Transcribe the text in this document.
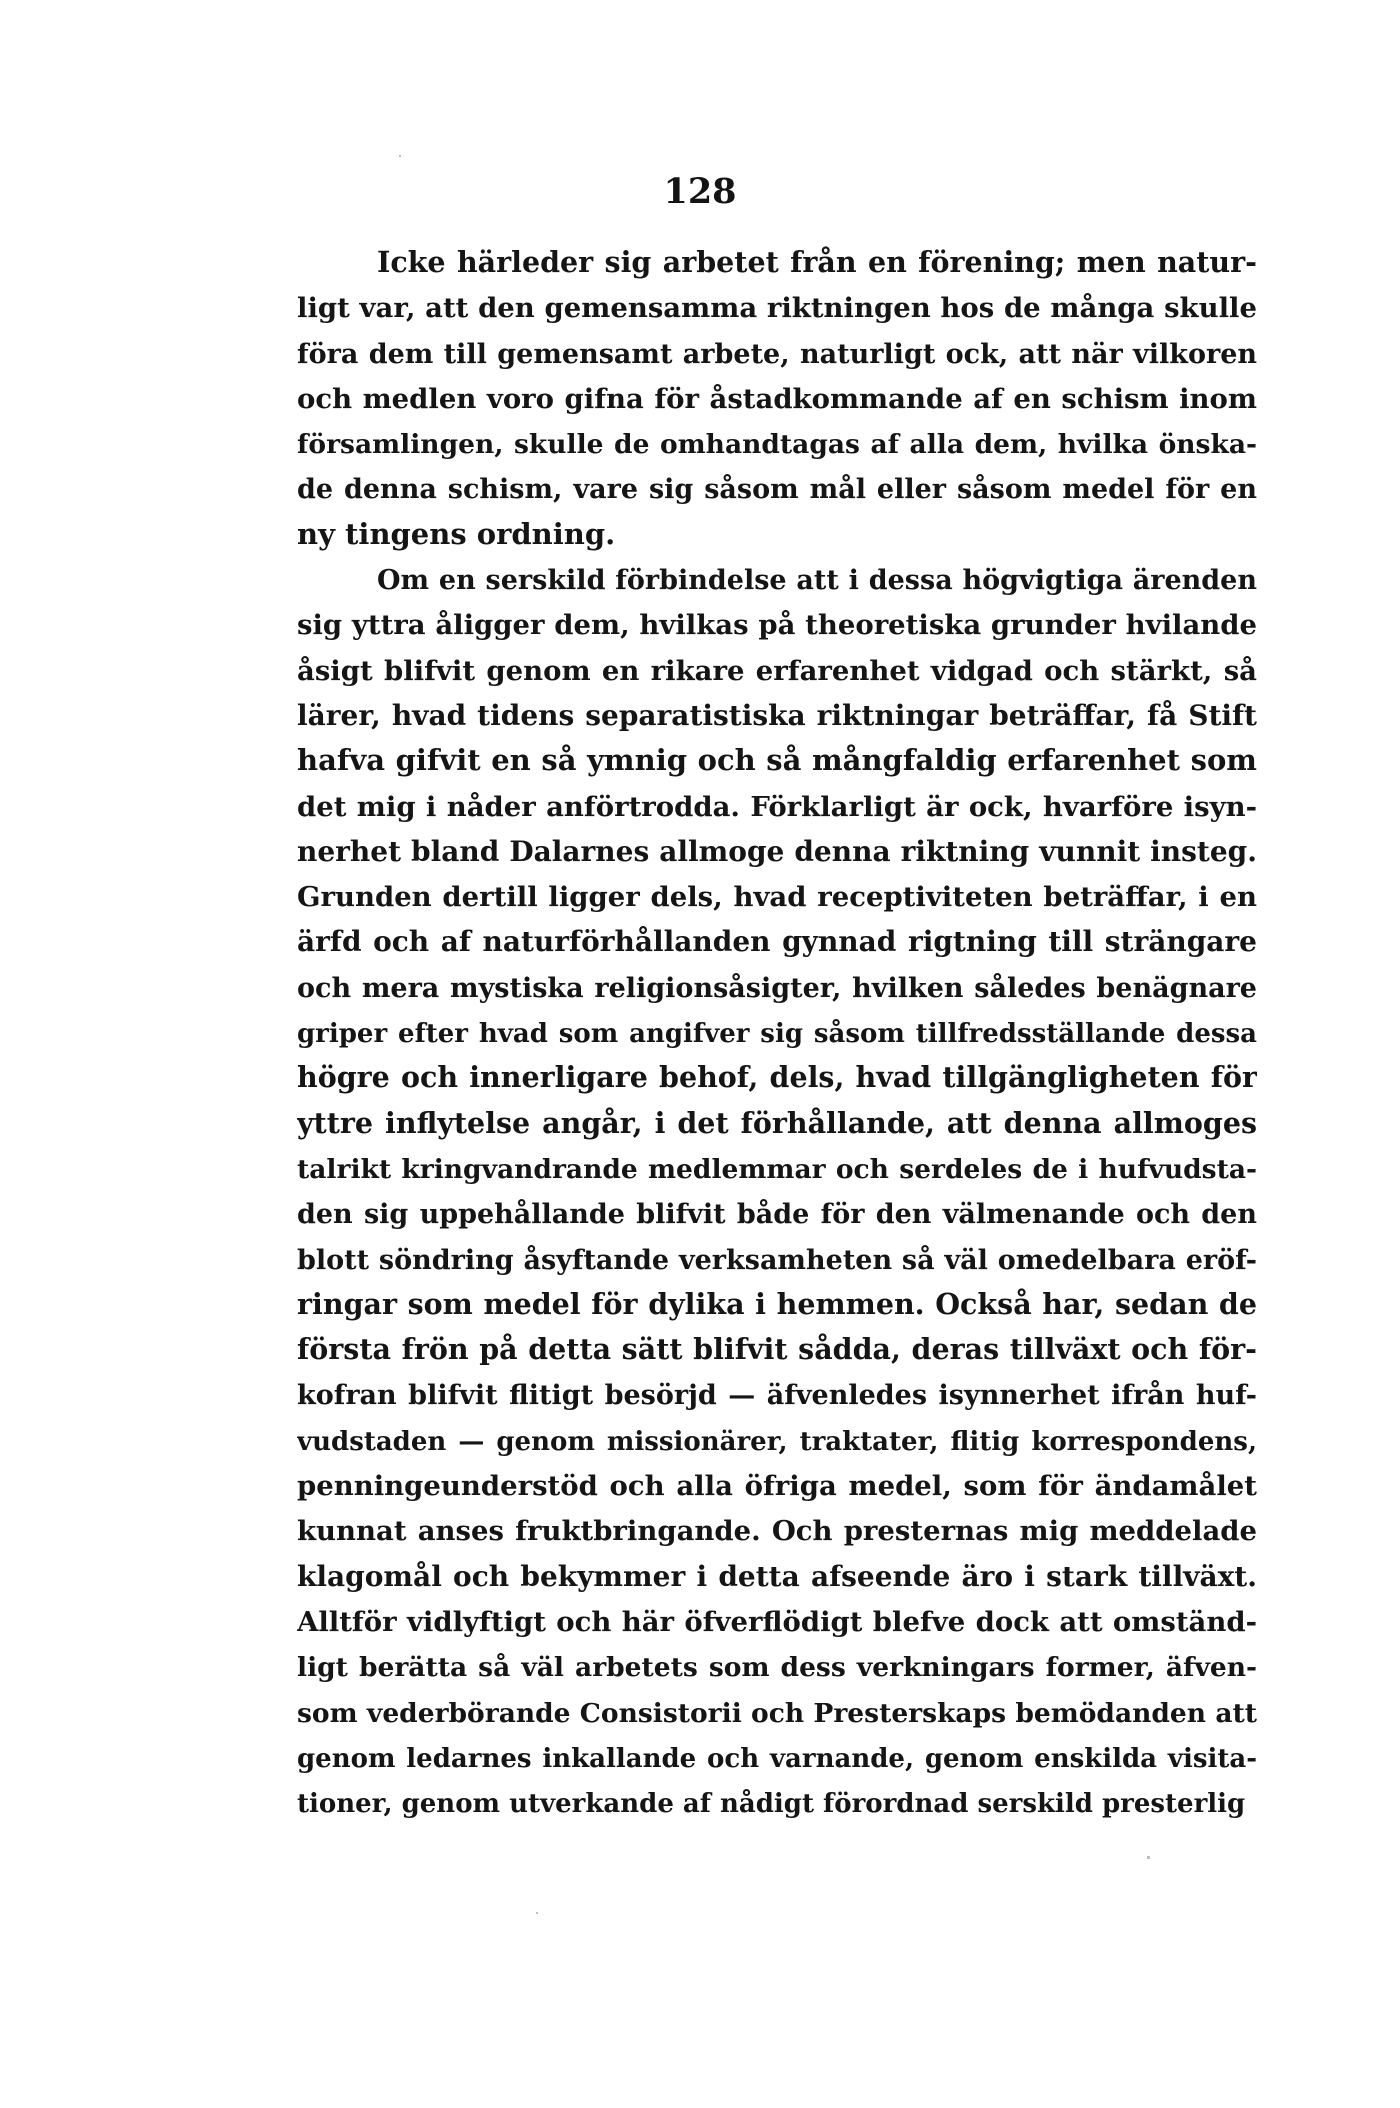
128
Icke härleder sig arbetet från en förening; men natur-
ligt var, att den gemensamma riktningen hos de många skulle
föra dem till gemensamt arbete, naturligt ock, att när vilkoren
och medlen voro gifna för åstadkommande af en schism inom
församlingen, skulle de omhandtagas af alla dem, hvilka önska-
de denna schism, vare sig såsom mål eller såsom medel för en
ny tingens ordning.
Om en serskild förbindelse att i dessa högvigtiga ärenden
sig yttra åligger dem, hvilkas på theoretiska grunder hvilande
åsigt blifvit genom en rikare erfarenhet vidgad och stärkt, så
lärer, hvad tidens separatistiska riktningar beträffar, få Stift
hafva gifvit en så ymnig och så mångfaldig erfarenhet som
det mig i nåder anförtrodda. Förklarligt är ock, hvarföre isyn-
nerhet bland Dalarnes allmoge denna riktning vunnit insteg.
Grunden dertill ligger dels, hvad receptiviteten beträffar, i en
ärfd och af naturförhållanden gynnad rigtning till strängare
och mera mystiska religionsåsigter, hvilken således benägnare
griper efter hvad som angifver sig såsom tillfredsställande dessa
högre och innerligare behof, dels, hvad tillgängligheten för
yttre inflytelse angår, i det förhållande, att denna allmoges
talrikt kringvandrande medlemmar och serdeles de i hufvudsta-
den sig uppehållande blifvit både för den välmenande och den
blott söndring åsyftande verksamheten så väl omedelbara eröf-
ringar som medel för dylika i hemmen. Också har, sedan de
första frön på detta sätt blifvit sådda, deras tillväxt och för-
kofran blifvit flitigt besörjd — äfvenledes isynnerhet ifrån huf-
vudstaden — genom missionärer, traktater, flitig korrespondens,
penningeunderstöd och alla öfriga medel, som för ändamålet
kunnat anses fruktbringande. Och presternas mig meddelade
klagomål och bekymmer i detta afseende äro i stark tillväxt.
Alltför vidlyftigt och här öfverflödigt blefve dock att omständ-
ligt berätta så väl arbetets som dess verkningars former, äfven-
som vederbörande Consistorii och Presterskaps bemödanden att
genom ledarnes inkallande och varnande, genom enskilda visita-
tioner, genom utverkande af nådigt förordnad serskild presterlig
